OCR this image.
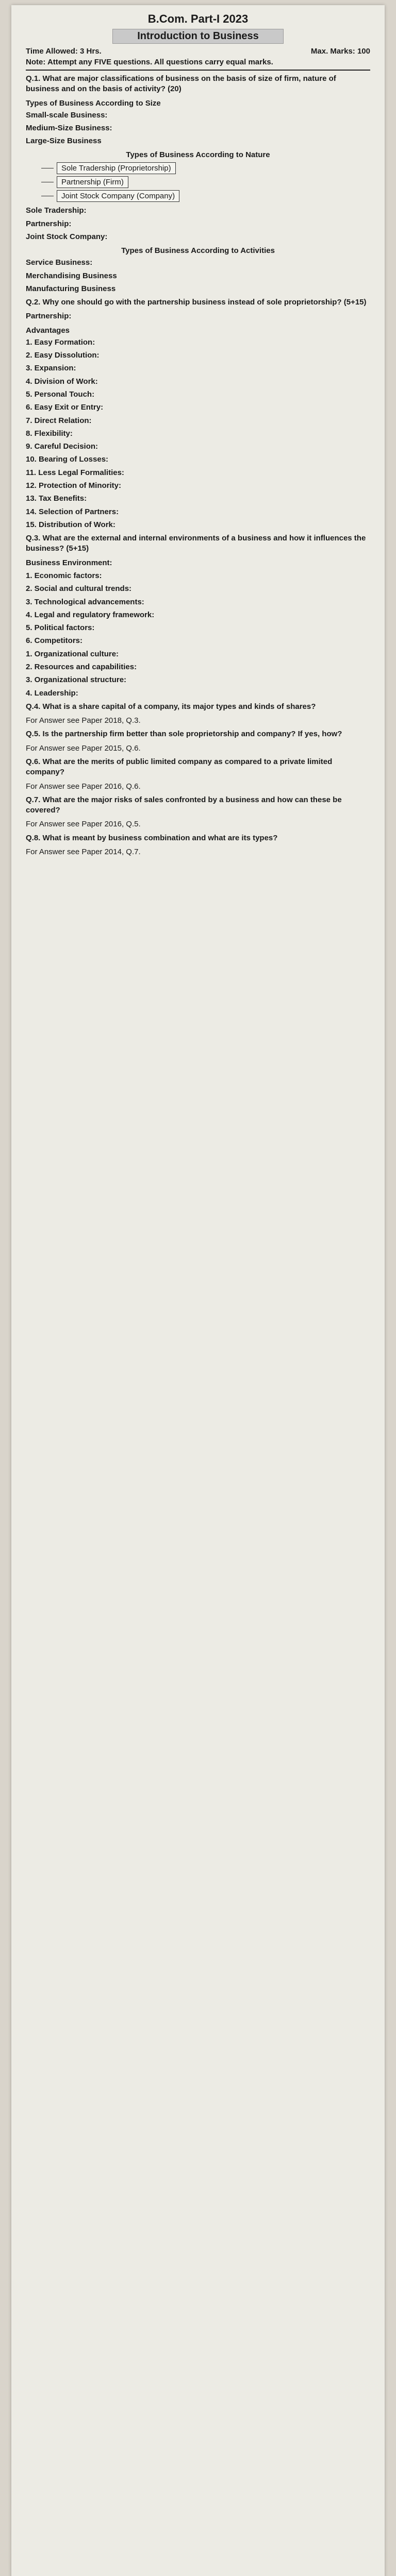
B.Com. Part-I 2023
Introduction to Business
Time Allowed: 3 Hrs.	Max. Marks: 100
Note: Attempt any FIVE questions. All questions carry equal marks.
Q.1. What are major classifications of business on the basis of size of firm, nature of business and on the basis of activity? (20)
Types of Business According to Size
Small-scale Business:
Medium-Size Business:
Large-Size Business
Types of Business According to Nature
Sole Tradership (Proprietorship)
Partnership (Firm)
Joint Stock Company (Company)
Sole Tradership:
Partnership:
Joint Stock Company:
Types of Business According to Activities
Service Business:
Merchandising Business
Manufacturing Business
Q.2. Why one should go with the partnership business instead of sole proprietorship? (5+15)
Partnership:
Advantages
1. Easy Formation:
2. Easy Dissolution:
3. Expansion:
4. Division of Work:
5. Personal Touch:
6. Easy Exit or Entry:
7. Direct Relation:
8. Flexibility:
9. Careful Decision:
10. Bearing of Losses:
11. Less Legal Formalities:
12. Protection of Minority:
13. Tax Benefits:
14. Selection of Partners:
15. Distribution of Work:
Q.3. What are the external and internal environments of a business and how it influences the business? (5+15)
Business Environment:
1. Economic factors:
2. Social and cultural trends:
3. Technological advancements:
4. Legal and regulatory framework:
5. Political factors:
6. Competitors:
1. Organizational culture:
2. Resources and capabilities:
3. Organizational structure:
4. Leadership:
Q.4. What is a share capital of a company, its major types and kinds of shares?
For Answer see Paper 2018, Q.3.
Q.5. Is the partnership firm better than sole proprietorship and company? If yes, how?
For Answer see Paper 2015, Q.6.
Q.6. What are the merits of public limited company as compared to a private limited company?
For Answer see Paper 2016, Q.6.
Q.7. What are the major risks of sales confronted by a business and how can these be covered?
For Answer see Paper 2016, Q.5.
Q.8. What is meant by business combination and what are its types?
For Answer see Paper 2014, Q.7.
